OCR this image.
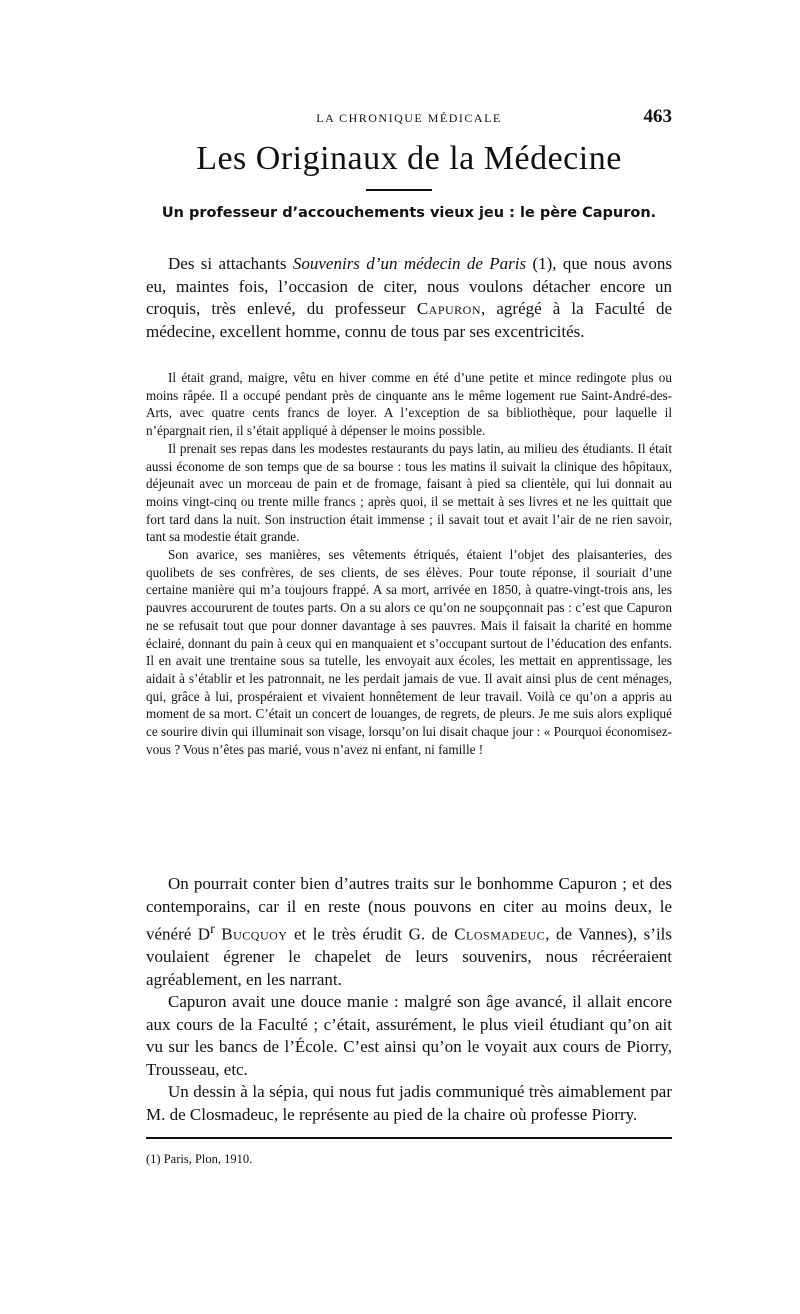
LA CHRONIQUE MÉDICALE	463
Les Originaux de la Médecine
Un professeur d’accouchements vieux jeu : le père Capuron.

Des si attachants Souvenirs d’un médecin de Paris (1), que nous avons eu, maintes fois, l’occasion de citer, nous voulons détacher encore un croquis, très enlevé, du professeur Capuron, agrégé à la Faculté de médecine, excellent homme, connu de tous par ses excentricités.

Il était grand, maigre, vêtu en hiver comme en été d’une petite et mince redingote plus ou moins râpée. Il a occupé pendant près de cinquante ans le même logement rue Saint-André-des-Arts, avec quatre cents francs de loyer. A l’exception de sa bibliothèque, pour laquelle il n’épargnait rien, il s’était appliqué à dépenser le moins possible.

Il prenait ses repas dans les modestes restaurants du pays latin, au milieu des étudiants. Il était aussi économe de son temps que de sa bourse : tous les matins il suivait la clinique des hôpitaux, déjeunait avec un morceau de pain et de fromage, faisant à pied sa clientèle, qui lui donnait au moins vingt-cinq ou trente mille francs ; après quoi, il se mettait à ses livres et ne les quittait que fort tard dans la nuit. Son instruction était immense ; il savait tout et avait l’air de ne rien savoir, tant sa modestie était grande.

Son avarice, ses manières, ses vêtements étriqués, étaient l’objet des plaisanteries, des quolibets de ses confrères, de ses clients, de ses élèves. Pour toute réponse, il souriait d’une certaine manière qui m’a toujours frappé. A sa mort, arrivée en 1850, à quatre-vingt-trois ans, les pauvres accoururent de toutes parts. On a su alors ce qu’on ne soupçonnait pas : c’est que Capuron ne se refusait tout que pour donner davantage à ses pauvres. Mais il faisait la charité en homme éclairé, donnant du pain à ceux qui en manquaient et s’occupant surtout de l’éducation des enfants. Il en avait une trentaine sous sa tutelle, les envoyait aux écoles, les mettait en apprentissage, les aidait à s’établir et les patronnait, ne les perdait jamais de vue. Il avait ainsi plus de cent ménages, qui, grâce à lui, prospéraient et vivaient honnêtement de leur travail. Voilà ce qu’on a appris au moment de sa mort. C’était un concert de louanges, de regrets, de pleurs. Je me suis alors expliqué ce sourire divin qui illuminait son visage, lorsqu’on lui disait chaque jour : « Pourquoi économisez-vous ? Vous n’êtes pas marié, vous n’avez ni enfant, ni famille !

On pourrait conter bien d’autres traits sur le bonhomme Capuron ; et des contemporains, car il en reste (nous pouvons en citer au moins deux, le vénéré $D^r$ Bucquoy et le très érudit G. de Closmadeuc, de Vannes), s’ils voulaient égrener le chapelet de leurs souvenirs, nous récréeraient agréablement, en les narrant.

Capuron avait une douce manie : malgré son âge avancé, il allait encore aux cours de la Faculté ; c’était, assurément, le plus vieil étudiant qu’on ait vu sur les bancs de l’École. C’est ainsi qu’on le voyait aux cours de Piorry, Trousseau, etc.

Un dessin à la sépia, qui nous fut jadis communiqué très aimablement par M. de Closmadeuc, le représente au pied de la chaire où professe Piorry.

(1) Paris, Plon, 1910.
